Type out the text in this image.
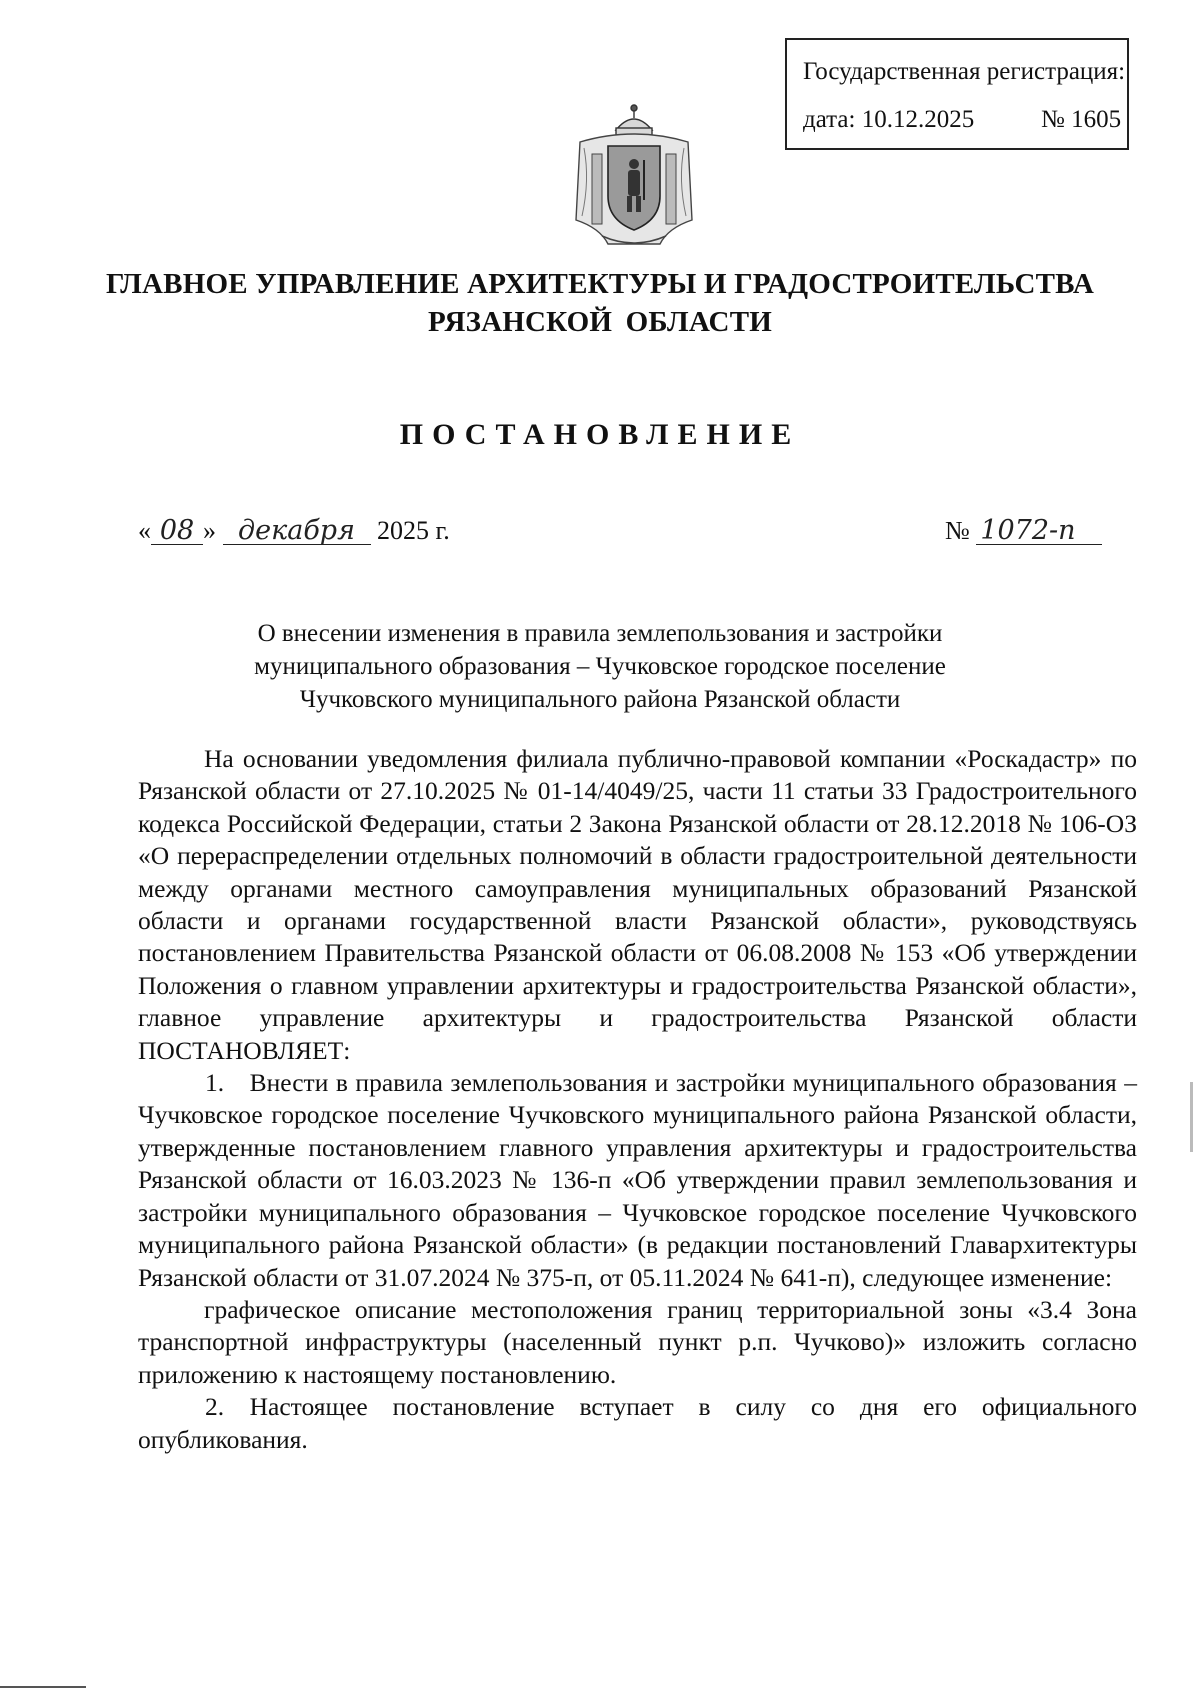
Государственная регистрация:
дата: 10.12.2025	№ 1605
ГЛАВНОЕ УПРАВЛЕНИЕ АРХИТЕКТУРЫ И ГРАДОСТРОИТЕЛЬСТВА
РЯЗАНСКОЙ ОБЛАСТИ
ПОСТАНОВЛЕНИЕ
« 08 » декабря 2025 г.	№ 1072-п
О внесении изменения в правила землепользования и застройки
муниципального образования – Чучковское городское поселение
Чучковского муниципального района Рязанской области

На основании уведомления филиала публично-правовой компании «Роскадастр» по Рязанской области от 27.10.2025 № 01-14/4049/25, части 11 статьи 33 Градостроительного кодекса Российской Федерации, статьи 2 Закона Рязанской области от 28.12.2018 № 106-ОЗ «О перераспределении отдельных полномочий в области градостроительной деятельности между органами местного самоуправления муниципальных образований Рязанской области и органами государственной власти Рязанской области», руководствуясь постановлением Правительства Рязанской области от 06.08.2008 № 153 «Об утверждении Положения о главном управлении архитектуры и градостроительства Рязанской области», главное управление архитектуры и градостроительства Рязанской области ПОСТАНОВЛЯЕТ:

1. Внести в правила землепользования и застройки муниципального образования – Чучковское городское поселение Чучковского муниципального района Рязанской области, утвержденные постановлением главного управления архитектуры и градостроительства Рязанской области от 16.03.2023 № 136-п «Об утверждении правил землепользования и застройки муниципального образования – Чучковское городское поселение Чучковского муниципального района Рязанской области» (в редакции постановлений Главархитектуры Рязанской области от 31.07.2024 № 375-п, от 05.11.2024 № 641-п), следующее изменение:

графическое описание местоположения границ территориальной зоны «3.4 Зона транспортной инфраструктуры (населенный пункт р.п. Чучково)» изложить согласно приложению к настоящему постановлению.

2. Настоящее постановление вступает в силу со дня его официального опубликования.
